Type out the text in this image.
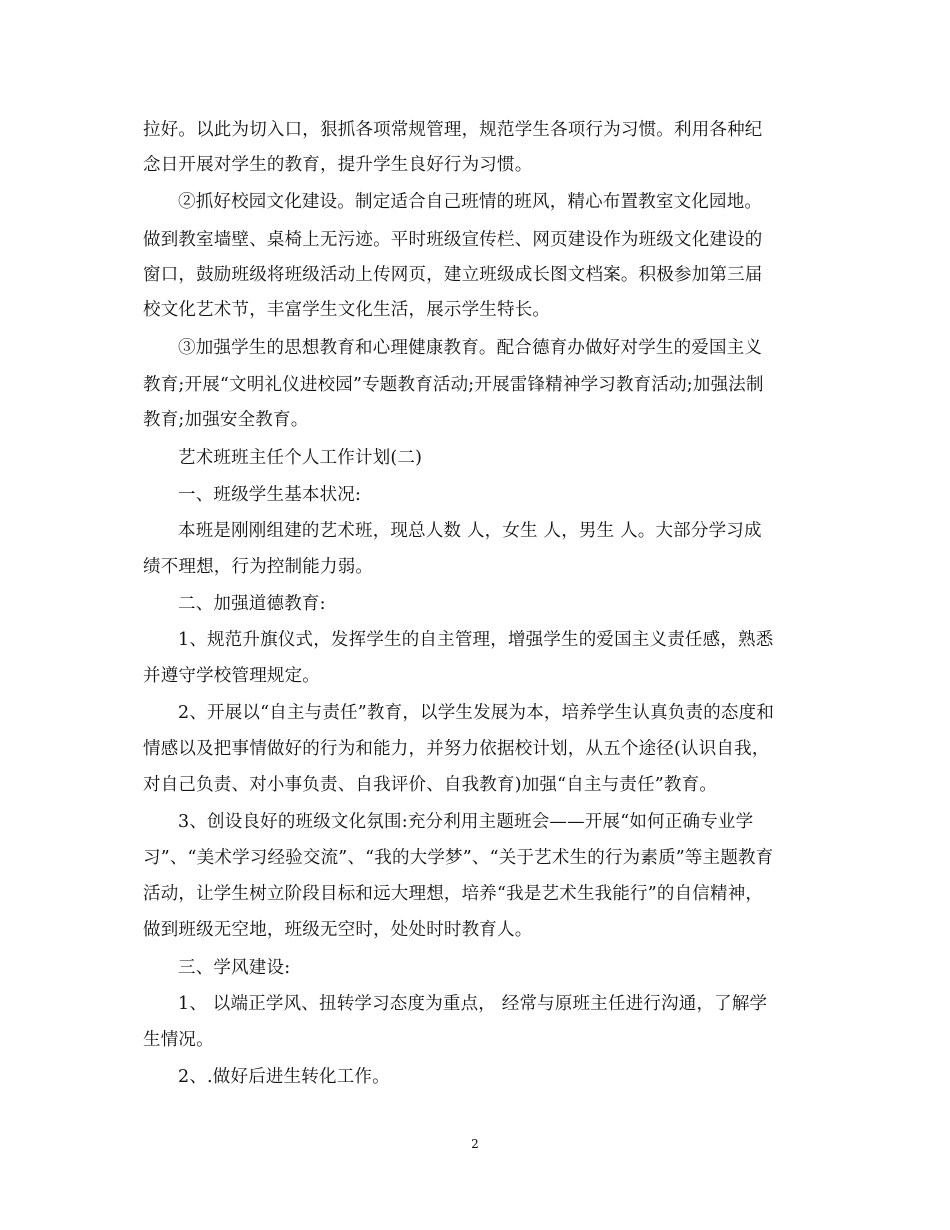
拉好。以此为切入口，狠抓各项常规管理，规范学生各项行为习惯。利用各种纪
念日开展对学生的教育，提升学生良好行为习惯。
②抓好校园文化建设。制定适合自己班情的班风，精心布置教室文化园地。
做到教室墙壁、桌椅上无污迹。平时班级宣传栏、网页建设作为班级文化建设的
窗口，鼓励班级将班级活动上传网页，建立班级成长图文档案。积极参加第三届
校文化艺术节，丰富学生文化生活，展示学生特长。
③加强学生的思想教育和心理健康教育。配合德育办做好对学生的爱国主义
教育;开展“文明礼仪进校园”专题教育活动;开展雷锋精神学习教育活动;加强法制
教育;加强安全教育。
艺术班班主任个人工作计划(二)
一、班级学生基本状况:
本班是刚刚组建的艺术班，现总人数 人，女生 人，男生 人。大部分学习成
绩不理想，行为控制能力弱。
二、加强道德教育:
1、规范升旗仪式，发挥学生的自主管理，增强学生的爱国主义责任感，熟悉
并遵守学校管理规定。
2、开展以“自主与责任”教育，以学生发展为本，培养学生认真负责的态度和
情感以及把事情做好的行为和能力，并努力依据校计划，从五个途径(认识自我，
对自己负责、对小事负责、自我评价、自我教育)加强“自主与责任”教育。
3、创设良好的班级文化氛围:充分利用主题班会——开展“如何正确专业学
习”、“美术学习经验交流”、“我的大学梦”、“关于艺术生的行为素质”等主题教育
活动，让学生树立阶段目标和远大理想，培养“我是艺术生我能行”的自信精神，
做到班级无空地，班级无空时，处处时时教育人。
三、学风建设:
1、 以端正学风、扭转学习态度为重点， 经常与原班主任进行沟通，了解学
生情况。
2、.做好后进生转化工作。
2
